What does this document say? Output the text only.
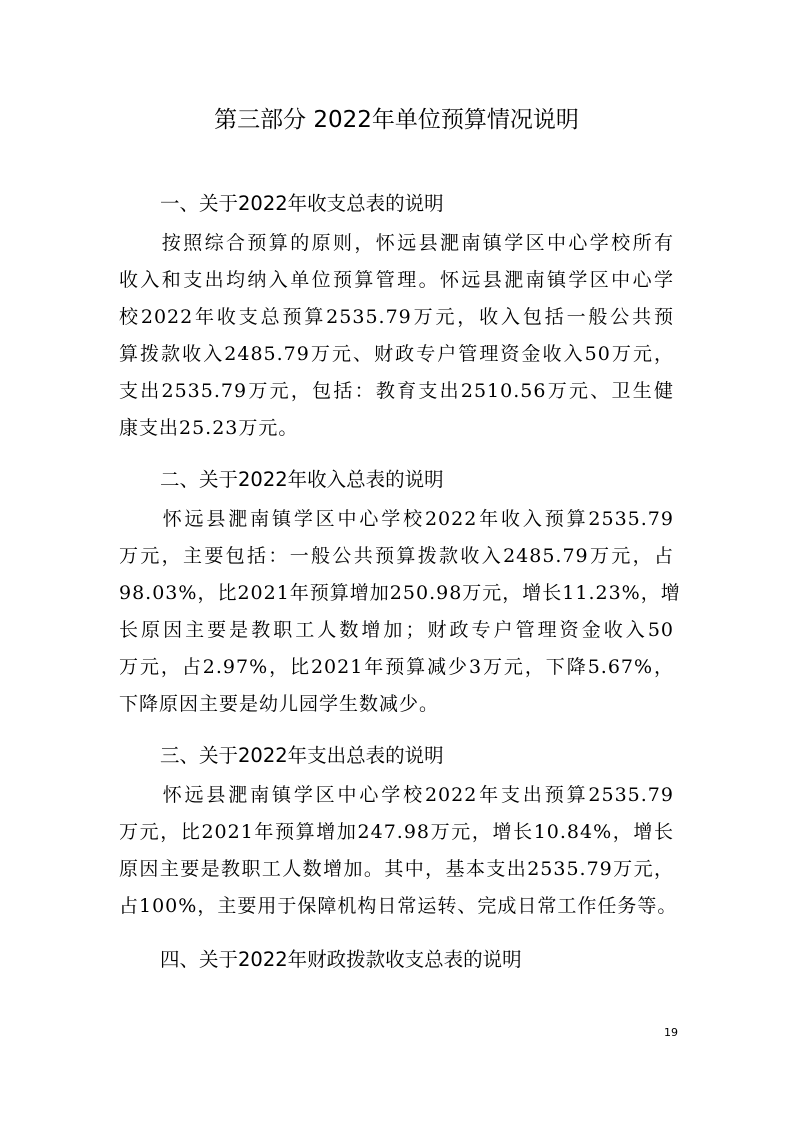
第三部分 2022年单位预算情况说明
一、关于2022年收支总表的说明
　　按照综合预算的原则，怀远县淝南镇学区中心学校所有
收入和支出均纳入单位预算管理。怀远县淝南镇学区中心学
校2022年收支总预算2535.79万元，收入包括一般公共预
算拨款收入2485.79万元、财政专户管理资金收入50万元，
支出2535.79万元，包括：教育支出2510.56万元、卫生健
康支出25.23万元。
二、关于2022年收入总表的说明
　　怀远县淝南镇学区中心学校2022年收入预算2535.79
万元，主要包括：一般公共预算拨款收入2485.79万元，占
98.03%，比2021年预算增加250.98万元，增长11.23%，增
长原因主要是教职工人数增加；财政专户管理资金收入50
万元，占2.97%，比2021年预算减少3万元，下降5.67%，
下降原因主要是幼儿园学生数减少。
三、关于2022年支出总表的说明
　　怀远县淝南镇学区中心学校2022年支出预算2535.79
万元，比2021年预算增加247.98万元，增长10.84%，增长
原因主要是教职工人数增加。其中，基本支出2535.79万元，
占100%，主要用于保障机构日常运转、完成日常工作任务等。
四、关于2022年财政拨款收支总表的说明
19
